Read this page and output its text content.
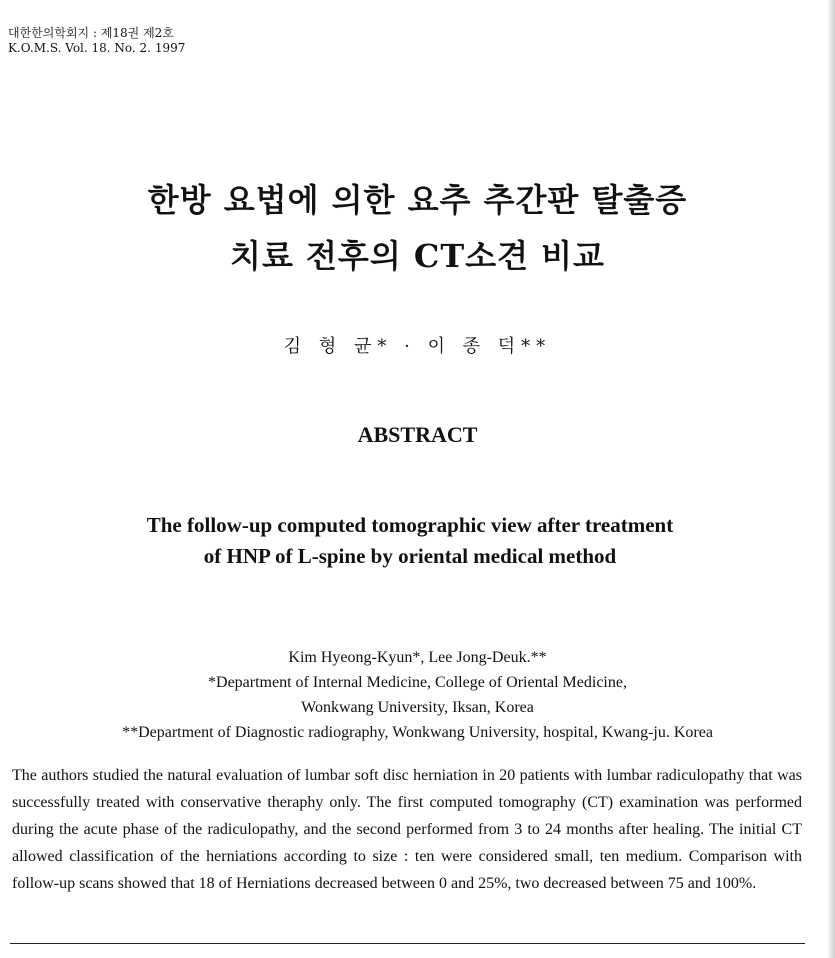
대한한의학회지 : 제18권 제2호
K.O.M.S. Vol. 18. No. 2. 1997
한방 요법에 의한 요추 추간판 탈출증
치료 전후의 CT소견 비교
김 형 균* · 이 종 덕**
ABSTRACT
The follow-up computed tomographic view after treatment
of HNP of L-spine by oriental medical method
Kim Hyeong-Kyun*, Lee Jong-Deuk.**
*Department of Internal Medicine, College of Oriental Medicine,
Wonkwang University, Iksan, Korea
**Department of Diagnostic radiography, Wonkwang University, hospital, Kwang-ju. Korea
The authors studied the natural evaluation of lumbar soft disc herniation in 20 patients with lumbar radiculopathy that was successfully treated with conservative theraphy only. The first computed tomography (CT) examination was performed during the acute phase of the radiculopathy, and the second performed from 3 to 24 months after healing. The initial CT allowed classification of the herniations according to size : ten were considered small, ten medium. Comparison with follow-up scans showed that 18 of Herniations decreased between 0 and 25%, two decreased between 75 and 100%.
